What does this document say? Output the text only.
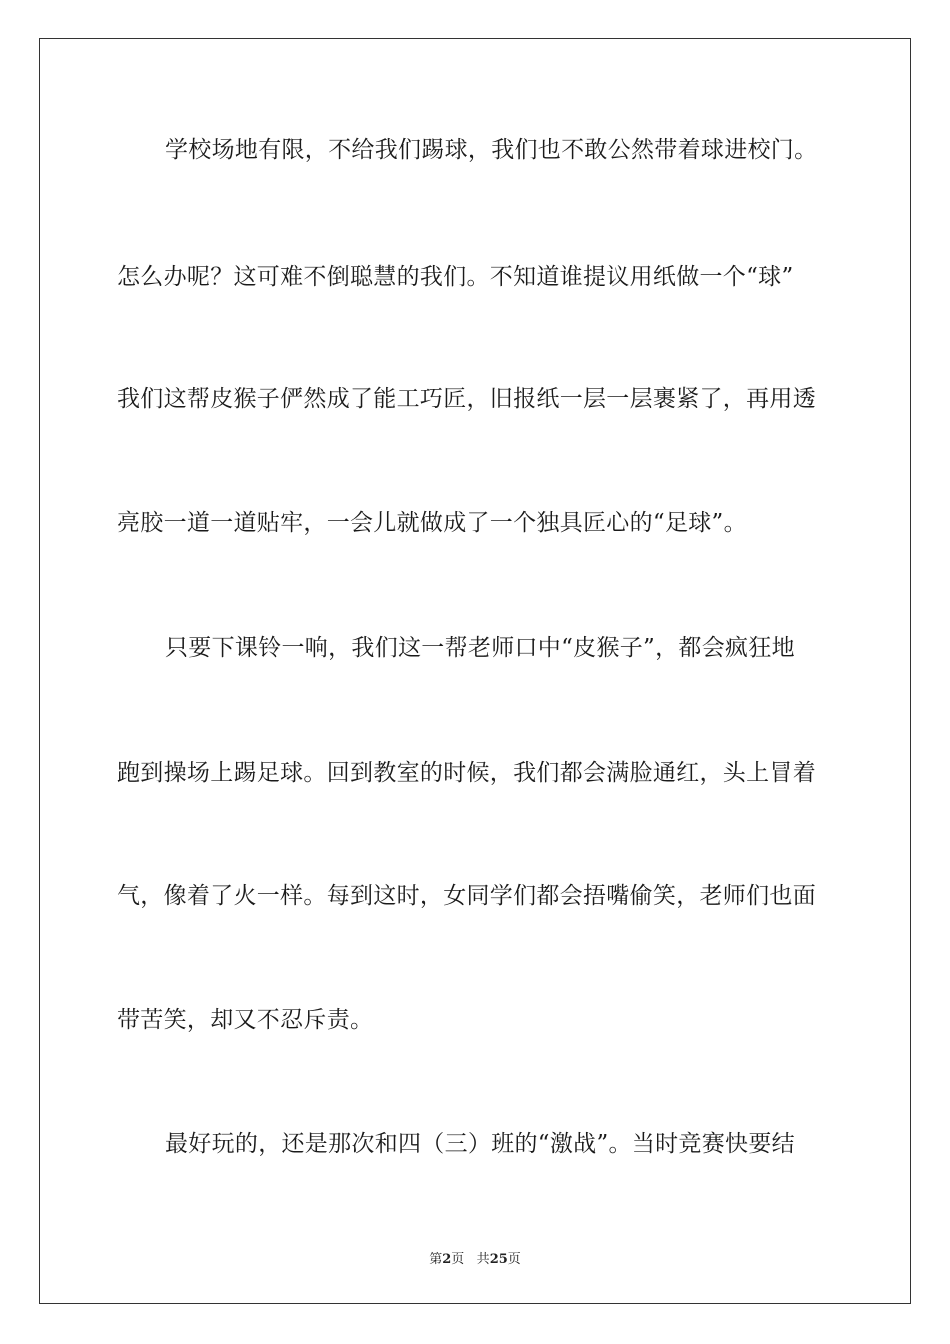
学校场地有限，不给我们踢球，我们也不敢公然带着球进校门。
怎么办呢？这可难不倒聪慧的我们。不知道谁提议用纸做一个“球”
我们这帮皮猴子俨然成了能工巧匠，旧报纸一层一层裹紧了，再用透
亮胶一道一道贴牢，一会儿就做成了一个独具匠心的“足球”。
只要下课铃一响，我们这一帮老师口中“皮猴子”，都会疯狂地
跑到操场上踢足球。回到教室的时候，我们都会满脸通红，头上冒着
气，像着了火一样。每到这时，女同学们都会捂嘴偷笑，老师们也面
带苦笑，却又不忍斥责。
最好玩的，还是那次和四（三）班的“激战”。当时竞赛快要结
第2页 共25页
